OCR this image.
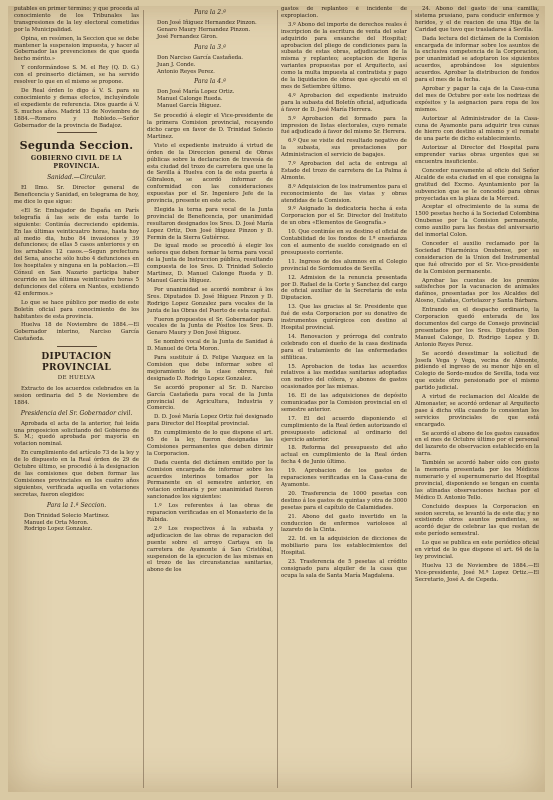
putables en primer término; y que proceda al conocimiento de los Tribunales las transgresiones de la ley electoral cometidas por la Municipalidad.

Opina, en resúmen, la Seccion que se debe mantener la suspension impuesta, y hacer al Gobernador las prevenciones de que queda hecho mérito.»

Y conformándose S. M. el Rey (Q. D. G.) con el preinserto dictámen, se ha servido resolver lo que en el mismo se propone.

De Real órden lo digo á V. S. para su conocimiento y demas efectos, incluyéndole el expediente de referencia. Dios guarde á V. S. muchos años. Madrid 13 de Noviembre de 1884.—Romero y Robledo.—Señor Gobernador de la provincia de Badajoz.

Segunda Seccion.
GOBIERNO CIVIL DE LA PROVINCIA.
Sanidad.—Circular.

El Ilmo. Sr. Director general de Beneficencia y Sanidad, en telegrama de hoy, me dice lo que sigue:

«El Sr. Embajador de España en París telegrafía á las seis de esta tarde lo siguiente: Continúa decreciendo epidemia. En las últimas veinticuatro horas, hasta hoy al medio dia, hubo 84 invasiones y 39 defunciones; de ellas 5 casos anteriores y en los arrabales 12 casos.—Segun prefectura del Sena, anoche sólo hubo 4 defunciones en los hospitales y ninguna en la poblacion.—El Cónsul en San Nazario participa haber ocurrido en las últimas veinticuatro horas 5 defunciones del cólera en Nantes, existiendo 42 enfermos.»

Lo que se hace público por medio de este Boletín oficial para conocimiento de los habitantes de esta provincia.

Huelva 18 de Noviembre de 1884.—El Gobernador interino, Narciso García Castañeda.

DIPUTACION PROVINCIAL
DE HUELVA

Extracto de los acuerdos celebrados en la sesion ordinaria del 5 de Noviembre de 1884.

Presidencia del Sr. Gobernador civil.

Aprobada el acta de la anterior, fué leída una proposicion solicitando del Gobierno de S. M.; quedó aprobada por mayoría en votacion nominal.

En cumplimiento del artículo 73 de la ley y de lo dispuesto en la Real órden de 29 de Octubre último, se procedió á la designacion de las comisiones que deben formar las Comisiones provinciales en los cuatro años siguientes, verificada aquella en votaciones secretas, fueron elegidos:

Para la 1.ª Seccion.
Don Trinidad Solecio Martinez.
Manuel de Orta Moron.
Rodrigo Lopez Gonzalez.
Para la 2.ª
Don José Iñiguez Hernandez Pinzon.
Genaro Maury Hernandez Pinzon.
José Fernandez Giron.
Para la 3.ª
Don Narciso García Castañeda.
Juan J. Conde.
Antonio Reyes Perez.
Para la 4.ª
Don José María Lopez Ortiz.
Manuel Calonge Rueda.
Manuel García Iñiguez.

Se procedió á elegir el Vice-presidente de la primera Comision provincial, recayendo dicho cargo en favor de D. Trinidad Solecio Martinez.

Visto el expediente instruido á virtud de órden de la Direccion general de Obras públicas sobre la declaracion de travesía de esta ciudad del trozo de carretera que une la de Sevilla á Huelva con la de esta puerta á Gibraleon, se acordó informar de conformidad con las consideraciones expuestas por el Sr. Ingeniero Jefe de la provincia, presente en este acto.

Elegida la terna para vocal de la Junta provincial de Beneficencia, por unanimidad resultaron designados los Sres. D. José María Lopez Ortiz, Don José Iñiguez Pinzon y D. Fermin de la Sierra Gutiérrez.

De igual modo se procedió á elegir los señores que deben formar la terna para vocal de la Junta de Instruccion pública, resultando compuesta de los Sres. D. Trinidad Solecio Martinez, D. Manuel Calonge Rueda y D. Manuel García Iñiguez.

Por unanimidad se acordó nombrar á los Sres. Diputados D. José Iñiguez Pinzon y D. Rodrigo Lopez Gonzalez para vocales de la Junta de las Obras del Puerto de esta capital.

Fueron propuestos el Sr. Gobernador para vocales de la Junta de Pósitos los Sres. D. Genaro Maury y Don José Iñiguez.

Se nombró vocal de la Junta de Sanidad á D. Manuel de Orta Moron.

Para sustituir á D. Felipe Vazquez en la Comision que debe informar sobre el mejoramiento de la clase obrera, fué designado D. Rodrigo Lopez Gonzalez.

Se acordó proponer al Sr. D. Narciso García Castañeda para vocal de la Junta provincial de Agricultura, Industria y Comercio.

D. D. José María Lopez Ortiz fué designado para Director del Hospital provincial.

En cumplimiento de lo que dispone el art. 65 de la ley, fueron designadas las Comisiones permanentes que deben dirimir la Corporacion.

Dada cuenta del dictámen emitido por la Comision encargada de informar sobre los acuerdos interinos tomados por la Permanente en el semestre anterior, en votacion ordinaria y por unanimidad fueron sancionados los siguientes:

1.º Los referentes á las obras de reparacion verificadas en el Monasterio de la Rábida.

2.º Los respectivos á la subasta y adjudicacion de las obras de reparacion del puente sobre el arroyo Cartaya en la carretera de Ayamonte á San Cristóbal, suspension de la ejecucion de las mismas en el trozo de las circunstancias sanitarias, abono de los

gastos de replanteo é incidente de expropiacion.

3.º Abono del importe de derechos reales é inscripcion de la escritura de venta del solar adquirido para ensanche del Hospital; aprobacion del pliego de condiciones para la subasta de estas obras, adjudicacion de la misma y replanteo; aceptacion de ligeras variantes propuestas por el Arquitecto, así como la multa impuesta al contratista y pago de la liquidacion de obras que ejecutó en el mes de Setiembre último.

4.º Aprobacion del expediente instruido para la subasta del Boletín oficial, adjudicada á favor de D. José María Herrera.

5.º Aprobacion del formado para la impresion de listas electorales, cuyo remate fué adjudicado á favor del mismo Sr. Herrera.

6.º Que se visite del resultado negativo de la subasta, sus prestaciones por Administracion el servicio de bagajes.

7.º Aprobacion del acta de entrega al Estado del trozo de carretera de La Palma á Almonte.

8.º Adquisicion de los instrumentos para el reconocimiento de las vistas y obras atendidas de la Comision.

9.º Asignado la dedicatoria hecha á esta Corporacion por el Sr. Director del Instituto de un obra «Elementos de Geografía.»

10. Que continúe en su destino el oficial de Contabilidad de los fondos de I.ª enseñanza con el aumento de sueldo consignado en el presupuesto corriente.

11. Ingreso de dos alumnos en el Colegio provincial de Sordomudos de Sevilla.

12. Admision de la renuncia presentada por D. Rafael de la Corte y Sanchez del cargo de oficial auxiliar de la Secretaría de esta Diputacion.

13. Que las gracias al Sr. Presidente que fué de esta Corporacion por su donativo de instrumentos quirúrgicos con destino al Hospital provincial.

14. Renovacion y prórroga del contrato celebrado con el dueño de la casa destinada para el tratamiento de las enfermedades sifilíticas.

15. Aprobacion de todas las acuerdos relativos á las medidas sanitarias adoptadas con motivo del cólera, y abonos de gastos ocasionados por las mismas.

16. El de las adquisiciones de depósito comunicadas por la Comision provincial en el semestre anterior.

17. El del acuerdo disponiendo el cumplimiento de la Real órden autorizando el presupuesto adicional al ordinario del ejercicio anterior.

18. Reforma del presupuesto del año actual en cumplimiento de la Real órden fecha 4 de Junio último.

19. Aprobacion de los gastos de reparaciones verificadas en la Casa-cuna de Ayamonte.

20. Trasferencia de 1000 pesetas con destino á los gastos de quintas y otra de 3000 pesetas para el capítulo de Calamidades.

21. Abono del gasto invertido en la conduccion de enfermos variolosos al lazareto de la Cinta.

22. Id. en la adquisicion de dicciones de mobiliario para los establecimientos del Hospital.

23. Trasferencia de 5 pesetas al crédito consignado para alquiler de la casa que ocupa la sala de Santa María Magdalena.

24. Abono del gasto de una camilla, sistema prusiano, para conducir enfermos y heridos, y el de reacion de una Hija de la Caridad que tuvo que trasladarse á Sevilla.

Dada lectura del dictámen de la Comision encargada de informar sobre los asuntos de la exclusiva competencia de la Corporacion, por unanimidad se adoptaron los siguientes acuerdos, aprobándose los siguientes acuerdos. Aprobar la distribucion de fondos para el mes de la fecha.

Aprobar y pagar la caja de la Casa-cuna del mes de Octubre por este los nodrizas de expósitos y la asignacion para ropa de los mismos.

Autorizar al Administrador de la Casa-cuna de Ayamonte para adquirir tres cunas de hierro con destino al mismo y el remate de una parte de dicho establecimiento.

Autorizar al Director del Hospital para emprender varias obras urgentes que se encuentra insuficiente.

Conceder nuevamente al oficio del Señor Alcalde de esta ciudad en el que consigna la gratitud del Excmo. Ayuntamiento por la subvencion que se le concedió para obras proyectadas en la plaza de la Merced.

Aceptar el ofrecimiento de la suma de 1500 pesetas hecho á la Sociedad Colombina Onubense por la Comision permanente, como auxilio para las fiestas del aniversario del inmortal Colon.

Conceder el auxilio reclamado por la Sociedad Filarmónica Onubense, por su consideracion de la Union del Instrumental que fué ofrecido por el Sr. Vice-presidente de la Comision permanente.

Aprobar las cuentas de los premios satisfechos por la vacunacion de animales dañinos, presentadas por los Alcaldes del Alosno, Calañas, Cortelazor y Santa Bárbara.

Entrando en el despacho ordinario, la Corporacion quedó enterada de los documentos del cargo de Consejo provincial presentados por los Sres. Diputados Don Manuel Calonge, D. Rodrigo Lopez y D. Antonio Reyes Perez.

Se acordó desestimar la solicitud de Josefa Vega y Vega, vecina de Almonte, pidiendo el ingreso de su menor hijo en el Colegio de Sordo-mudos de Sevilla, toda vez que existe otro pensionado por el mismo partido judicial.

A virtud de reclamacion del Alcalde de Almonaster, se acordó ordenar al Arquitecto pase á dicha villa cuando lo consientan los servicios provinciales de que está encargado.

Se acordó el abono de los gastos causados en el mes de Octubre último por el personal del lazareto de observacion establecido en la barra.

También se acordó haber oído con gusto la memoria presentada por los Médicos numerario y el supernumerario del Hospital provincial, disponiendo se tengan en cuenta las atinadas observaciones hechas por el Médico D. Antonio Tello.

Concluido despues la Corporacion en sesion secreta, se levantó la de este dia; y no existiendo otros asuntos pendientes, se acordó dejar de celebrar las que restan de este período semestral.

Lo que se publica en este periódico oficial en virtud de lo que dispone el art. 64 de la ley provincial.

Huelva 13 de Noviembre de 1884.—El Vice-presidente, José M.ª Lopez Ortiz.—El Secretario, José A. de Cepeda.
